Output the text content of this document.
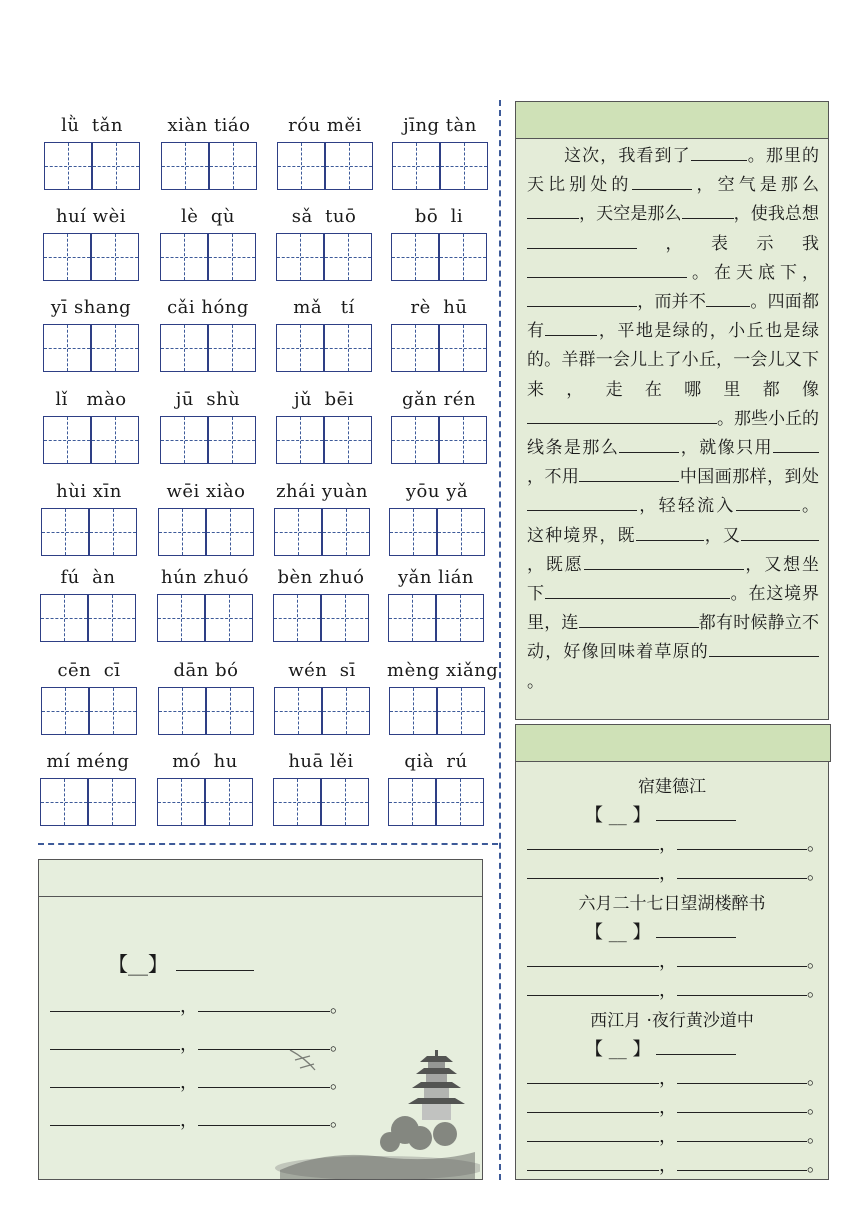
lǜ  tǎn	xiàn tiáo	róu měi	jīng tàn
huí wèi	lè  qù	sǎ  tuō	bō  li
yī shang	cǎi hóng	mǎ   tí	rè  hū
lǐ   mào	jū  shù	jǔ  bēi	gǎn rén
hùi xīn	wēi xiào	zhái yuàn	yōu yǎ
fú  àn	hún zhuó	bèn zhuó	yǎn lián
cēn  cī	dān bó	wén  sī	mèng xiǎng
mí méng	mó  hu	huā lěi	qià  rú
这次，我看到了	。那里的天比别处的	，空气是那么，天空是那么	，使我总想，表示我。在天底下，，而并不	。四面都有	，平地是绿的，小丘也是绿的。羊群一会儿上了小丘，一会儿又下来，走在哪里都像。那些小丘的线条是那么	，就像只用，不用	中国画那样，到处，轻轻流入	。这种境界，既	，又，既愿	，又想坐下	。在这境界里，连	都有时候静立不动，好像回味着草原的。
宿建德江
【 __ 】
，	。
，	。
六月二十七日望湖楼醉书
【 __ 】
，	。
，	。
西江月 ·夜行黄沙道中
【 __ 】
，	。
，	。
，	。
，	。
【__】
，	。
，	。
，	。
，	。
